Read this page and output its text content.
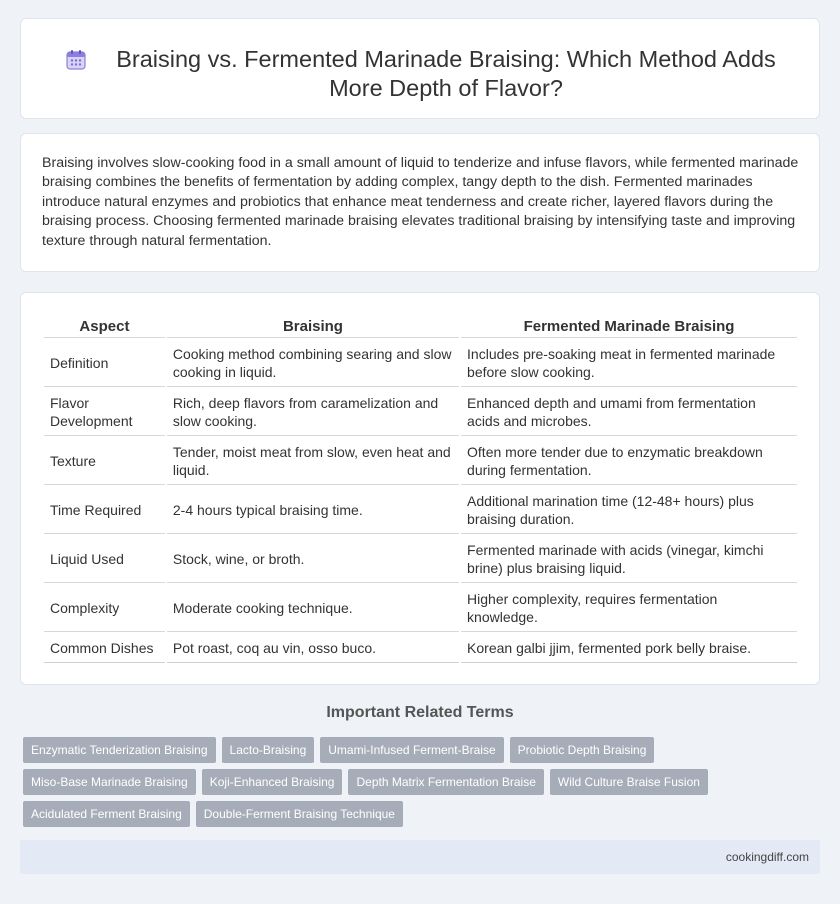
Braising vs. Fermented Marinade Braising: Which Method Adds More Depth of Flavor?

Braising involves slow-cooking food in a small amount of liquid to tenderize and infuse flavors, while fermented marinade braising combines the benefits of fermentation by adding complex, tangy depth to the dish. Fermented marinades introduce natural enzymes and probiotics that enhance meat tenderness and create richer, layered flavors during the braising process. Choosing fermented marinade braising elevates traditional braising by intensifying taste and improving texture through natural fermentation.

Aspect	Braising	Fermented Marinade Braising
Definition	Cooking method combining searing and slow cooking in liquid.	Includes pre-soaking meat in fermented marinade before slow cooking.
Flavor Development	Rich, deep flavors from caramelization and slow cooking.	Enhanced depth and umami from fermentation acids and microbes.
Texture	Tender, moist meat from slow, even heat and liquid.	Often more tender due to enzymatic breakdown during fermentation.
Time Required	2-4 hours typical braising time.	Additional marination time (12-48+ hours) plus braising duration.
Liquid Used	Stock, wine, or broth.	Fermented marinade with acids (vinegar, kimchi brine) plus braising liquid.
Complexity	Moderate cooking technique.	Higher complexity, requires fermentation knowledge.
Common Dishes	Pot roast, coq au vin, osso buco.	Korean galbi jjim, fermented pork belly braise.
Important Related Terms
Enzymatic Tenderization Braising	Lacto-Braising	Umami-Infused Ferment-Braise	Probiotic Depth Braising
Miso-Base Marinade Braising	Koji-Enhanced Braising	Depth Matrix Fermentation Braise	Wild Culture Braise Fusion
Acidulated Ferment Braising	Double-Ferment Braising Technique
cookingdiff.com
